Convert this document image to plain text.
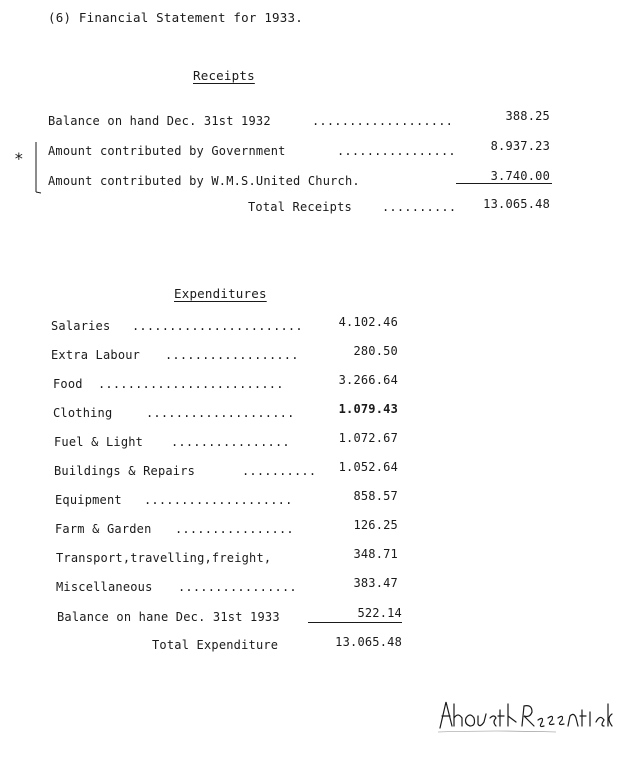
(6) Financial Statement for 1933.
Receipts
*
Balance on hand Dec. 31st 1932	...................	388.25
Amount contributed by Government	................	8.937.23
Amount contributed by W.M.S.United Church.	3.740.00
Total Receipts	..........	13.065.48
Expenditures
Salaries .......................	4.102.46
Extra Labour ..................	280.50
Food .........................	3.266.64
Clothing	....................	1.079.43
Fuel & Light ................	1.072.67
Buildings & Repairs	..........	1.052.64
Equipment ....................	858.57
Farm & Garden ................	126.25
Transport,travelling,freight,	348.71
Miscellaneous ................	383.47
Balance on hane Dec. 31st 1933	522.14
Total Expenditure	13.065.48
